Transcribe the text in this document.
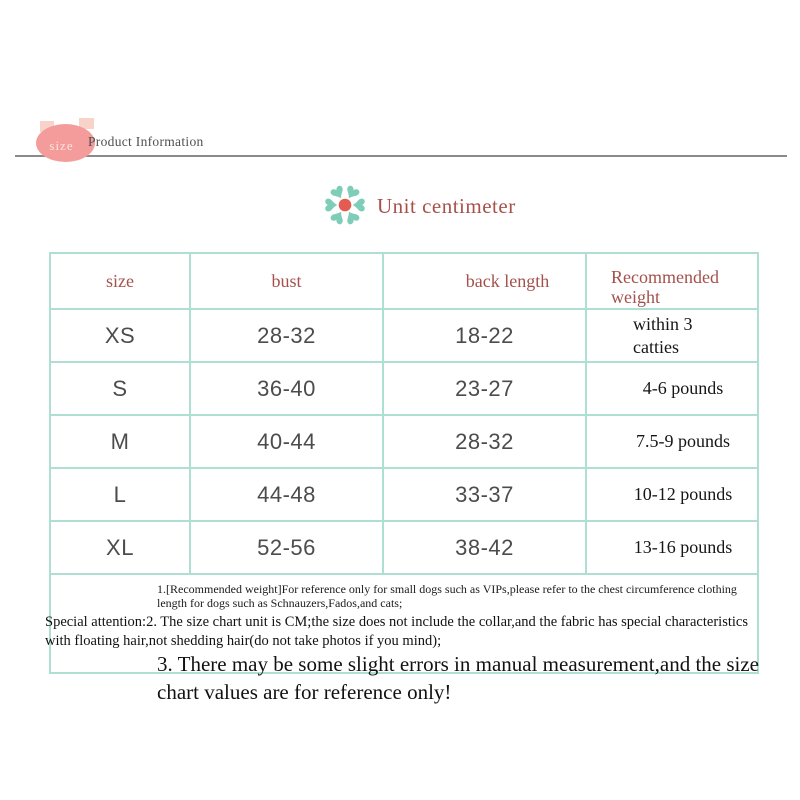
size Product Information
Unit centimeter
size	bust	back length	Recommended weight
XS	28-32	18-22	within 3 catties
S	36-40	23-27	4-6 pounds
M	40-44	28-32	7.5-9 pounds
L	44-48	33-37	10-12 pounds
XL	52-56	38-42	13-16 pounds

1.[Recommended weight]For reference only for small dogs such as VIPs,please refer to the chest circumference clothing length for dogs such as Schnauzers,Fados,and cats;
Special attention:2. The size chart unit is CM;the size does not include the collar,and the fabric has special characteristics with floating hair,not shedding hair(do not take photos if you mind);
3. There may be some slight errors in manual measurement,and the size chart values are for reference only!			
